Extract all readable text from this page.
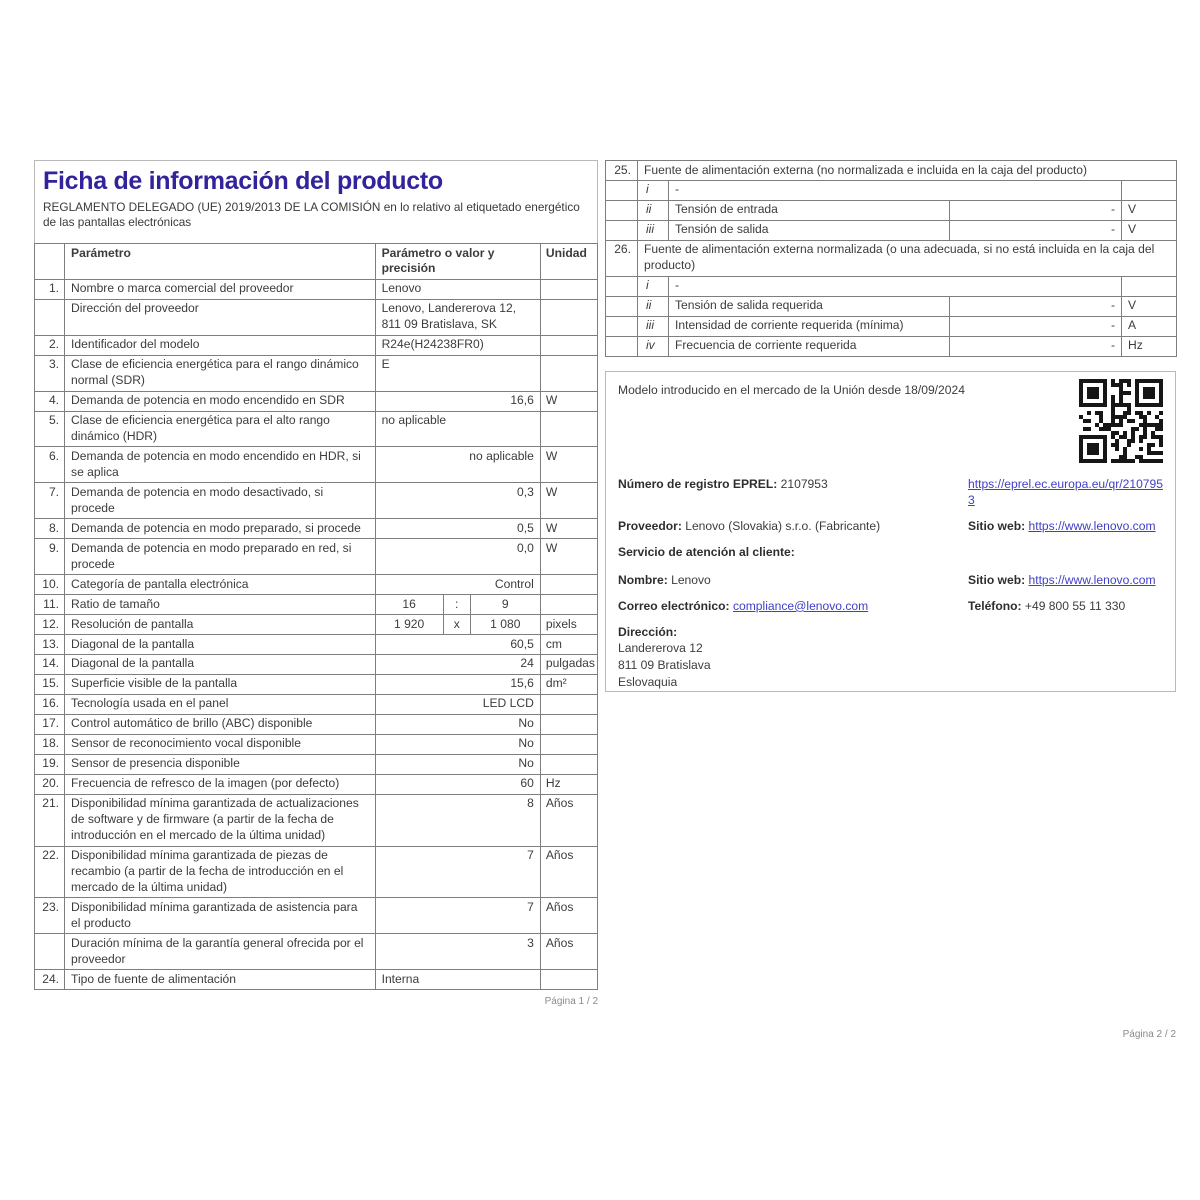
Ficha de información del producto

REGLAMENTO DELEGADO (UE) 2019/2013 DE LA COMISIÓN en lo relativo al etiquetado energético de las pantallas electrónicas

	Parámetro	Parámetro o valor y precisión			Unidad
1.	Nombre o marca comercial del proveedor	Lenovo			
	Dirección del proveedor	Lenovo, Landererova 12, 811 09 Bratislava, SK			
2.	Identificador del modelo	R24e(H24238FR0)			
3.	Clase de eficiencia energética para el rango dinámico normal (SDR)	E			
4.	Demanda de potencia en modo encendido en SDR	16,6			W
5.	Clase de eficiencia energética para el alto rango dinámico (HDR)	no aplicable			
6.	Demanda de potencia en modo encendido en HDR, si se aplica	no aplicable			W
7.	Demanda de potencia en modo desactivado, si procede	0,3			W
8.	Demanda de potencia en modo preparado, si procede	0,5			W
9.	Demanda de potencia en modo preparado en red, si procede	0,0			W
10.	Categoría de pantalla electrónica	Control			
11.	Ratio de tamaño	16	:	9	
12.	Resolución de pantalla	1 920	x	1 080	pixels
13.	Diagonal de la pantalla	60,5			cm
14.	Diagonal de la pantalla	24			pulgadas
15.	Superficie visible de la pantalla	15,6			dm²
16.	Tecnología usada en el panel	LED LCD			
17.	Control automático de brillo (ABC) disponible	No			
18.	Sensor de reconocimiento vocal disponible	No			
19.	Sensor de presencia disponible	No			
20.	Frecuencia de refresco de la imagen (por defecto)	60			Hz
21.	Disponibilidad mínima garantizada de actualizaciones de software y de firmware (a partir de la fecha de introducción en el mercado de la última unidad)	8			Años
22.	Disponibilidad mínima garantizada de piezas de recambio (a partir de la fecha de introducción en el mercado de la última unidad)	7			Años
23.	Disponibilidad mínima garantizada de asistencia para el producto	7			Años
	Duración mínima de la garantía general ofrecida por el proveedor	3			Años
24.	Tipo de fuente de alimentación	Interna			
Página 1 / 2
25.	Fuente de alimentación externa (no normalizada e incluida en la caja del producto)			
	i	-		
	ii	Tensión de entrada	-	V
	iii	Tensión de salida	-	V
26.	Fuente de alimentación externa normalizada (o una adecuada, si no está incluida en la caja del producto)			
	i	-		
	ii	Tensión de salida requerida	-	V
	iii	Intensidad de corriente requerida (mínima)	-	A
	iv	Frecuencia de corriente requerida	-	Hz

Modelo introducido en el mercado de la Unión desde 18/09/2024

Número de registro EPREL: 2107953	https://eprel.ec.europa.eu/qr/2107953
Proveedor: Lenovo (Slovakia) s.r.o. (Fabricante)	Sitio web: https://www.lenovo.com
Servicio de atención al cliente:
Nombre: Lenovo	Sitio web: https://www.lenovo.com
Correo electrónico: compliance@lenovo.com	Teléfono: +49 800 55 11 330
Dirección:
Landererova 12
811 09 Bratislava
Eslovaquia
Página 2 / 2
